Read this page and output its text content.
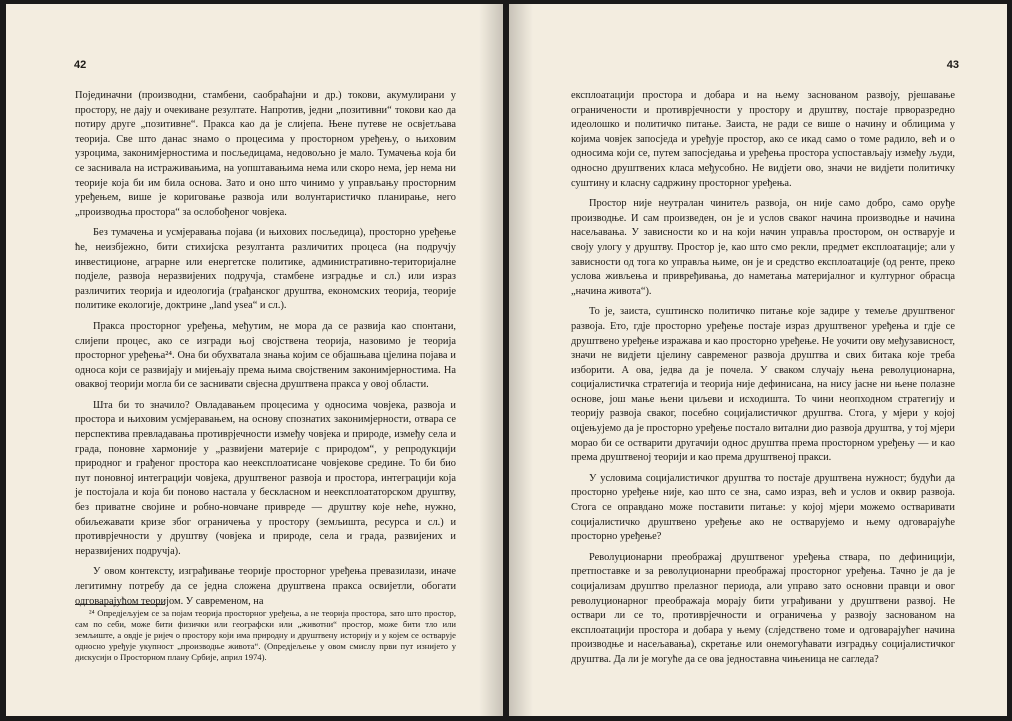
42

Појединачни (производни, стамбени, саобраћајни и др.) токови, акумулирани у простору, не дају и очекиване резултате. Напротив, једни „позитивни“ токови као да потиру друге „позитивне“. Пракса као да је слијепа. Њене путеве не освјетљава теорија. Све што данас знамо о процесима у просторном уређењу, о њиховим узроцима, законимјерностима и посљедицама, недовољно је мало. Тумачења која би се заснивала на истраживањима, на уопштавањима нема или скоро нема, јер нема ни теорије која би им била основа. Зато и оно што чинимо у управљању просторним уређењем, више је кориговање развоја или волунтаристичко планирање, него „производња простора“ за ослобођеног човјека.

Без тумачења и усмјеравања појава (и њихових посљедица), просторно уређење ће, неизбјежно, бити стихијска резултанта различитих процеса (на подручју инвестиционе, аграрне или енергетске политике, административно-територијалне подјеле, развоја неразвијених подручја, стамбене изградње и сл.) или израз различитих теорија и идеологија (грађанског друштва, економских теорија, теорије политике екологије, доктрине „land ysea“ и сл.).

Пракса просторног уређења, међутим, не мора да се развија као спонтани, слијепи процес, ако се изгради њој својствена теорија, назовимо је теорија просторног уређења²⁴. Она би обухватала знања којим се објашњава цјелина појава и односа који се развијају и мијењају према њима својственим законимјерностима. На оваквој теорији могла би се заснивати свјесна друштвена пракса у овој области.

Шта би то значило? Овладавањем процесима у односима човјека, развоја и простора и њиховим усмјеравањем, на основу спознатих законимјерности, отвара се перспектива превладавања противрјечности између човјека и природе, између села и града, поновне хармоније у „развијени материје с природом“, у репродукцији природног и грађеног простора као неексплоатисане човјекове средине. То би био пут поновној интеграцији човјека, друштвеног развоја и простора, интеграцији која је постојала и која би поново настала у бескласном и неексплоататорском друштву, без приватне својине и робно-новчане привреде — друштву које неће, нужно, обиљежавати кризе због ограничења у простору (земљишта, ресурса и сл.) и противрјечности у друштву (човјека и природе, села и града, развијених и неразвијених подручја).

У овом контексту, изграђивање теорије просторног уређења превазилази, иначе легитимну потребу да се једна сложена друштвена пракса освијетли, обогати одговарајућом теоријом. У савременом, на

²⁴ Опредјељујем се за појам теорија просторног уређења, а не теорија простора, зато што простор, сам по себи, може бити физички или географски или „животни“ простор, може бити тло или земљиште, а овдје је ријеч о простору који има природну и друштвену историју и у којем се остварује односно уређује укупност „производње живота“. (Опредјељење у овом смислу први пут изнијето у дискусији о Просторном плану Србије, април 1974).
43

експлоатацији простора и добара и на њему заснованом развоју, рјешавање ограничености и противрјечности у простору и друштву, постаје прворазредно идеолошко и политичко питање. Заиста, не ради се више о начину и облицима у којима човјек запосједа и уређује простор, ако се икад само о томе радило, већ и о односима који се, путем запосједања и уређења простора успостављају између људи, односно друштвених класа међусобно. Не видјети ово, значи не видјети политичку суштину и класну садржину просторног уређења.

Простор није неутралан чинитељ развоја, он није само добро, само оруђе производње. И сам произведен, он је и услов сваког начина производње и начина насељавања. У зависности ко и на који начин управља простором, он остварује и своју улогу у друштву. Простор је, као што смо рекли, предмет експлоатације; али у зависности од тога ко управља њиме, он је и средство експлоатације (од ренте, преко услова живљења и привређивања, до наметања материјалног и културног обрасца „начина живота“).

То је, заиста, суштинско политичко питање које задире у темеље друштвеног развоја. Ето, гдје просторно уређење постаје израз друштвеног уређења и гдје се друштвено уређење изражава и као просторно уређење. Не уочити ову међузависност, значи не видјети цјелину савременог развоја друштва и свих битака које треба изборити. А ова, једва да је почела. У сваком случају њена револуционарна, социјалистичка стратегија и теорија није дефинисана, на нису јасне ни њене полазне основе, још мање њени циљеви и исходишта. То чини неопходном стратегију и теорију развоја сваког, посебно социјалистичког друштва. Стога, у мјери у којој оцјењујемо да је просторно уређење постало витални дио развоја друштва, у тој мјери морао би се остварити другачији однос друштва према просторном уређењу — и као према друштвеној теорији и као према друштвеној пракси.

У условима социјалистичког друштва то постаје друштвена нужност; будући да просторно уређење није, као што се зна, само израз, већ и услов и оквир развоја. Стога се оправдано може поставити питање: у којој мјери можемо остваривати социјалистичко друштвено уређење ако не остварујемо и њему одговарајуће просторно уређење?

Револуционарни преображај друштвеног уређења ствара, по дефиницији, претпоставке и за револуционарни преображај просторног уређења. Тачно је да је социјализам друштво прелазног периода, али управо зато основни правци и овог револуционарног преображаја морају бити уграђивани у друштвени развој. Не оствари ли се то, противрјечности и ограничења у развоју заснованом на експлоатацији простора и добара у њему (слједствено томе и одговарајућег начина производње и насељавања), скретање или онемогућавати изградњу социјалистичког друштва. Да ли је могуће да се ова једноставна чињеница не сагледа?
